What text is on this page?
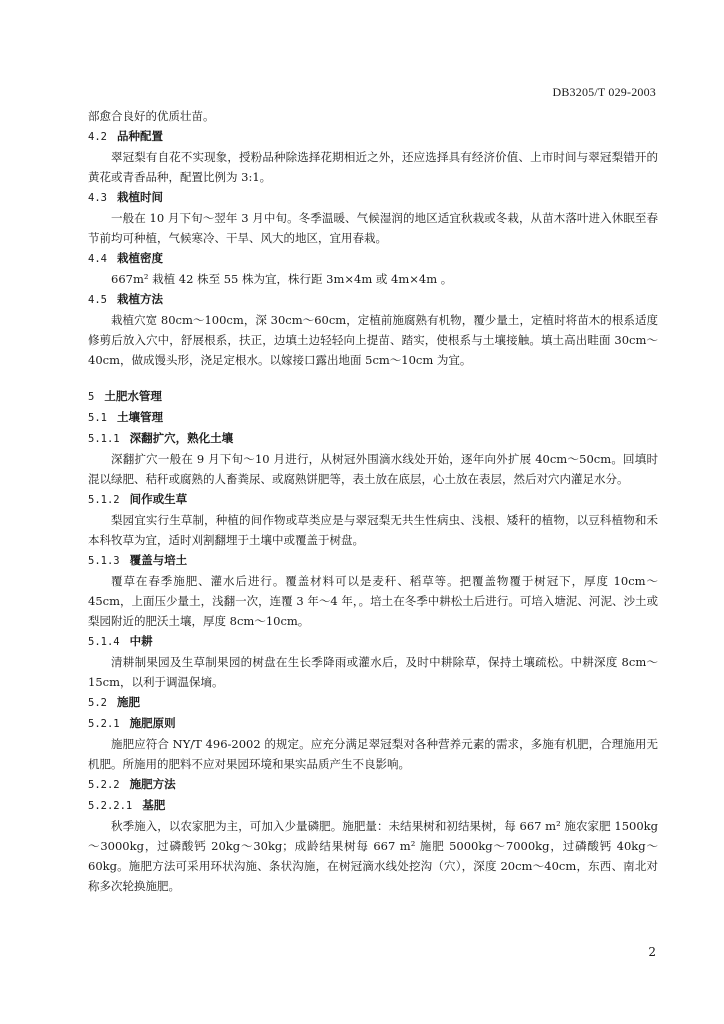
DB3205/T 029-2003

部愈合良好的优质壮苗。

4.2 品种配置

翠冠梨有自花不实现象，授粉品种除选择花期相近之外，还应选择具有经济价值、上市时间与翠冠梨错开的黄花或青香品种，配置比例为 3:1。

4.3 栽植时间

一般在 10 月下旬～翌年 3 月中旬。冬季温暖、气候湿润的地区适宜秋栽或冬栽，从苗木落叶进入休眠至春节前均可种植，气候寒冷、干旱、风大的地区，宜用春栽。

4.4 栽植密度

667m² 栽植 42 株至 55 株为宜，株行距 3m×4m 或 4m×4m 。

4.5 栽植方法

栽植穴宽 80cm～100cm，深 30cm～60cm，定植前施腐熟有机物，覆少量土，定植时将苗木的根系适度修剪后放入穴中，舒展根系，扶正，边填土边轻轻向上提苗、踏实，使根系与土壤接触。填土高出畦面 30cm～40cm，做成馒头形，浇足定根水。以嫁接口露出地面 5cm～10cm 为宜。

5 土肥水管理
5.1 土壤管理
5.1.1 深翻扩穴，熟化土壤

深翻扩穴一般在 9 月下旬～10 月进行，从树冠外围滴水线处开始，逐年向外扩展 40cm～50cm。回填时混以绿肥、秸秆或腐熟的人畜粪尿、或腐熟饼肥等，表土放在底层，心土放在表层，然后对穴内灌足水分。

5.1.2 间作或生草

梨园宜实行生草制，种植的间作物或草类应是与翠冠梨无共生性病虫、浅根、矮秆的植物，以豆科植物和禾本科牧草为宜，适时刈割翻埋于土壤中或覆盖于树盘。

5.1.3 覆盖与培土

覆草在春季施肥、灌水后进行。覆盖材料可以是麦秆、稻草等。把覆盖物覆于树冠下，厚度 10cm～45cm，上面压少量土，浅翻一次，连覆 3 年～4 年，。培土在冬季中耕松土后进行。可培入塘泥、河泥、沙土或梨园附近的肥沃土壤，厚度 8cm～10cm。

5.1.4 中耕

清耕制果园及生草制果园的树盘在生长季降雨或灌水后，及时中耕除草，保持土壤疏松。中耕深度 8cm～15cm，以利于调温保墒。

5.2 施肥
5.2.1 施肥原则

施肥应符合 NY/T 496-2002 的规定。应充分满足翠冠梨对各种营养元素的需求，多施有机肥，合理施用无机肥。所施用的肥料不应对果园环境和果实品质产生不良影响。

5.2.2 施肥方法
5.2.2.1 基肥

秋季施入，以农家肥为主，可加入少量磷肥。施肥量：未结果树和初结果树，每 667 m² 施农家肥 1500kg～3000kg，过磷酸钙 20kg～30kg；成龄结果树每 667 m² 施肥 5000kg～7000kg，过磷酸钙 40kg～60kg。施肥方法可采用环状沟施、条状沟施，在树冠滴水线处挖沟（穴），深度 20cm～40cm，东西、南北对称多次轮换施肥。

2
